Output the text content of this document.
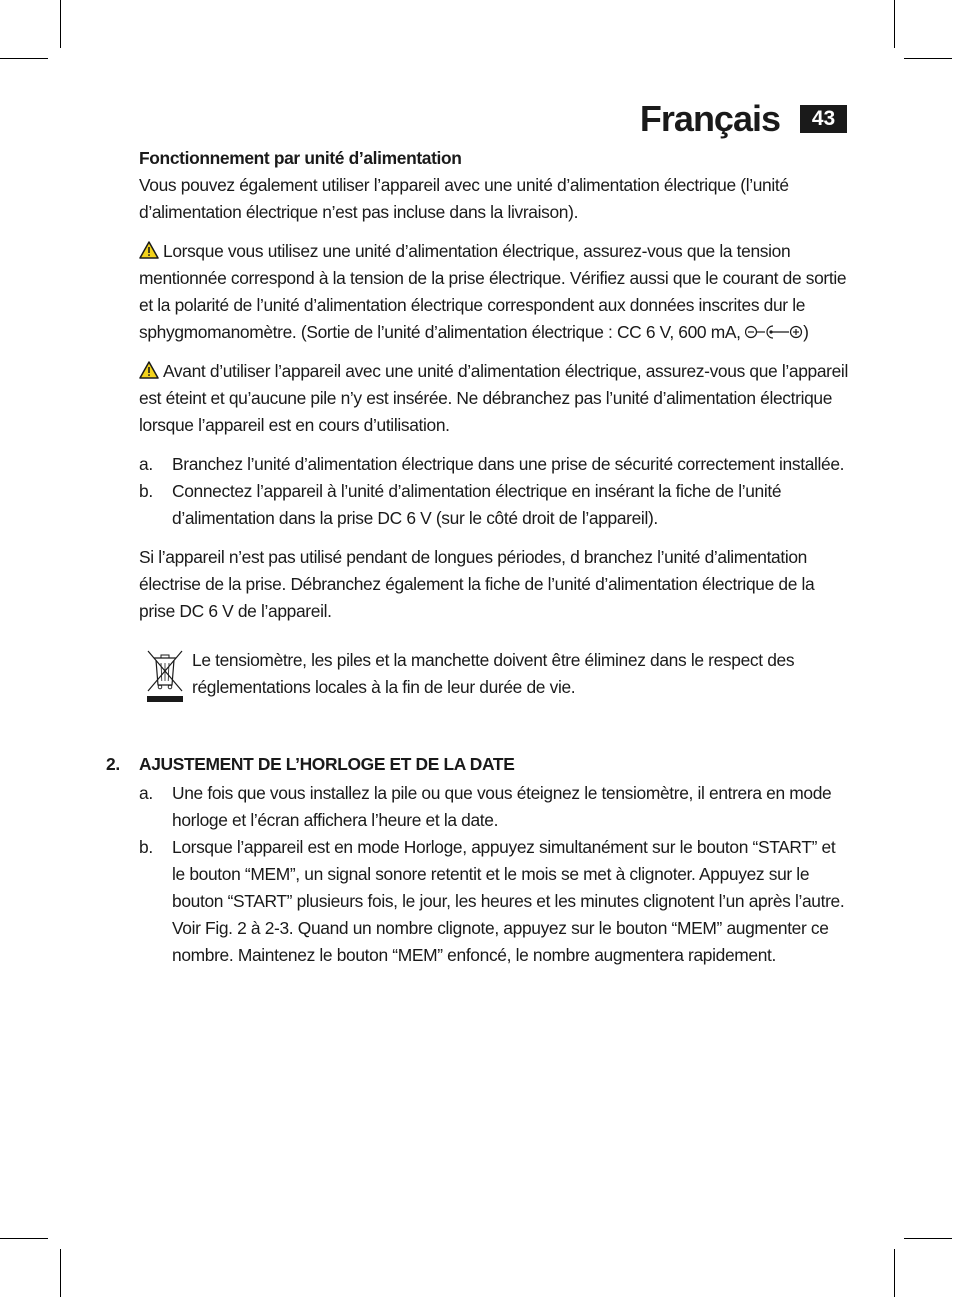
Français	43

Fonctionnement par unité d’alimentation

Vous pouvez également utiliser l’appareil avec une unité d’alimentation électrique (l’unité d’alimentation électrique n’est pas incluse dans la livraison).

Lorsque vous utilisez une unité d’alimentation électrique, assurez-vous que la tension mentionnée correspond à la tension de la prise électrique. Vérifiez aussi que le courant de sortie et la polarité de l’unité d’alimentation électrique correspondent aux données inscrites dur le sphygmomanomètre. (Sortie de l’unité d’alimentation électrique : CC 6 V, 600 mA,	)

Avant d’utiliser l’appareil avec une unité d’alimentation électrique, assurez-vous que l’appareil est éteint et qu’aucune pile n’y est insérée. Ne débranchez pas l’unité d’alimentation électrique lorsque l’appareil est en cours d’utilisation.

a.	Branchez l’unité d’alimentation électrique dans une prise de sécurité correctement installée.
b.	Connectez l’appareil à l’unité d’alimentation électrique en insérant la fiche de l’unité d’alimentation dans la prise DC 6 V (sur le côté droit de l’appareil).

Si l’appareil n’est pas utilisé pendant de longues périodes, d branchez l’unité d’alimentation électrise de la prise. Débranchez également la fiche de l’unité d’alimentation électrique de la prise DC 6 V de l’appareil.

Le tensiomètre, les piles et la manchette doivent être éliminez dans le respect des réglementations locales à la fin de leur durée de vie.
2.	AJUSTEMENT DE L’HORLOGE ET DE LA DATE
a.	Une fois que vous installez la pile ou que vous éteignez le tensiomètre, il entrera en mode horloge et l’écran affichera l’heure et la date.
b.	Lorsque l’appareil est en mode Horloge, appuyez simultanément sur le bouton “START” et le bouton “MEM”, un signal sonore retentit et le mois se met à clignoter. Appuyez sur le bouton “START” plusieurs fois, le jour, les heures et les minutes clignotent l’un après l’autre. Voir Fig. 2 à 2-3. Quand un nombre clignote, appuyez sur le bouton “MEM” augmenter ce nombre. Maintenez le bouton “MEM” enfoncé, le nombre augmentera rapidement.
